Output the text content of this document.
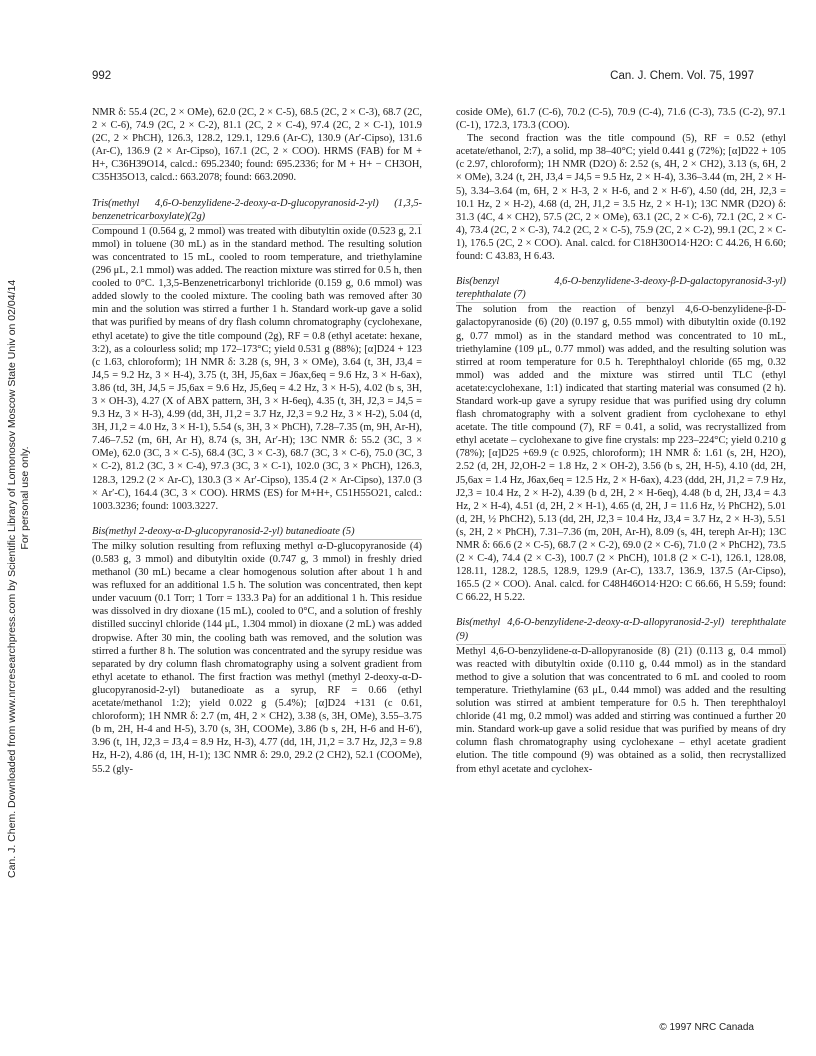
992	Can. J. Chem. Vol. 75, 1997
Can. J. Chem. Downloaded from www.nrcresearchpress.com by Scientific Library of Lomonosov Moscow State Univ on 02/04/14 For personal use only.

NMR δ: 55.4 (2C, 2 × OMe), 62.0 (2C, 2 × C-5), 68.5 (2C, 2 × C-3), 68.7 (2C, 2 × C-6), 74.9 (2C, 2 × C-2), 81.1 (2C, 2 × C-4), 97.4 (2C, 2 × C-1), 101.9 (2C, 2 × PhCH), 126.3, 128.2, 129.1, 129.6 (Ar-C), 130.9 (Ar′-Cipso), 131.6 (Ar-C), 136.9 (2 × Ar-Cipso), 167.1 (2C, 2 × COO). HRMS (FAB) for M + H+, C36H39O14, calcd.: 695.2340; found: 695.2336; for M + H+ − CH3OH, C35H35O13, calcd.: 663.2078; found: 663.2090.

Tris(methyl 4,6-O-benzylidene-2-deoxy-α-D-glucopyranosid-2-yl) (1,3,5-benzenetricarboxylate)(2g)

Compound 1 (0.564 g, 2 mmol) was treated with dibutyltin oxide (0.523 g, 2.1 mmol) in toluene (30 mL) as in the standard method. The resulting solution was concentrated to 15 mL, cooled to room temperature, and triethylamine (296 μL, 2.1 mmol) was added. The reaction mixture was stirred for 0.5 h, then cooled to 0°C. 1,3,5-Benzenetricarbonyl trichloride (0.159 g, 0.6 mmol) was added slowly to the cooled mixture. The cooling bath was removed after 30 min and the solution was stirred a further 1 h. Standard work-up gave a solid that was purified by means of dry flash column chromatography (cyclohexane, ethyl acetate) to give the title compound (2g), RF = 0.8 (ethyl acetate: hexane, 3:2), as a colourless solid; mp 172–173°C; yield 0.531 g (88%); [α]D24 + 123 (c 1.63, chloroform); 1H NMR δ: 3.28 (s, 9H, 3 × OMe), 3.64 (t, 3H, J3,4 = J4,5 = 9.2 Hz, 3 × H-4), 3.75 (t, 3H, J5,6ax = J6ax,6eq = 9.6 Hz, 3 × H-6ax), 3.86 (td, 3H, J4,5 = J5,6ax = 9.6 Hz, J5,6eq = 4.2 Hz, 3 × H-5), 4.02 (b s, 3H, 3 × OH-3), 4.27 (X of ABX pattern, 3H, 3 × H-6eq), 4.35 (t, 3H, J2,3 = J4,5 = 9.3 Hz, 3 × H-3), 4.99 (dd, 3H, J1,2 = 3.7 Hz, J2,3 = 9.2 Hz, 3 × H-2), 5.04 (d, 3H, J1,2 = 4.0 Hz, 3 × H-1), 5.54 (s, 3H, 3 × PhCH), 7.28–7.35 (m, 9H, Ar-H), 7.46–7.52 (m, 6H, Ar H), 8.74 (s, 3H, Ar′-H); 13C NMR δ: 55.2 (3C, 3 × OMe), 62.0 (3C, 3 × C-5), 68.4 (3C, 3 × C-3), 68.7 (3C, 3 × C-6), 75.0 (3C, 3 × C-2), 81.2 (3C, 3 × C-4), 97.3 (3C, 3 × C-1), 102.0 (3C, 3 × PhCH), 126.3, 128.3, 129.2 (2 × Ar-C), 130.3 (3 × Ar′-Cipso), 135.4 (2 × Ar-Cipso), 137.0 (3 × Ar′-C), 164.4 (3C, 3 × COO). HRMS (ES) for M+H+, C51H55O21, calcd.: 1003.3236; found: 1003.3227.

Bis(methyl 2-deoxy-α-D-glucopyranosid-2-yl) butanedioate (5)

The milky solution resulting from refluxing methyl α-D-glucopyranoside (4) (0.583 g, 3 mmol) and dibutyltin oxide (0.747 g, 3 mmol) in freshly dried methanol (30 mL) became a clear homogenous solution after about 1 h and was refluxed for an additional 1.5 h. The solution was concentrated, then kept under vacuum (0.1 Torr; 1 Torr = 133.3 Pa) for an additional 1 h. This residue was dissolved in dry dioxane (15 mL), cooled to 0°C, and a solution of freshly distilled succinyl chloride (144 μL, 1.304 mmol) in dioxane (2 mL) was added dropwise. After 30 min, the cooling bath was removed, and the solution was stirred a further 8 h. The solution was concentrated and the syrupy residue was separated by dry column flash chromatography using a solvent gradient from ethyl acetate to ethanol. The first fraction was methyl (methyl 2-deoxy-α-D-glucopyranosid-2-yl) butanedioate as a syrup, RF = 0.66 (ethyl acetate/methanol 1:2); yield 0.022 g (5.4%); [α]D24 +131 (c 0.61, chloroform); 1H NMR δ: 2.7 (m, 4H, 2 × CH2), 3.38 (s, 3H, OMe), 3.55–3.75 (b m, 2H, H-4 and H-5), 3.70 (s, 3H, COOMe), 3.86 (b s, 2H, H-6 and H-6′), 3.96 (t, 1H, J2,3 = J3,4 = 8.9 Hz, H-3), 4.77 (dd, 1H, J1,2 = 3.7 Hz, J2,3 = 9.8 Hz, H-2), 4.86 (d, 1H, H-1); 13C NMR δ: 29.0, 29.2 (2 CH2), 52.1 (COOMe), 55.2 (gly-

coside OMe), 61.7 (C-6), 70.2 (C-5), 70.9 (C-4), 71.6 (C-3), 73.5 (C-2), 97.1 (C-1), 172.3, 173.3 (COO).

The second fraction was the title compound (5), RF = 0.52 (ethyl acetate/ethanol, 2:7), a solid, mp 38–40°C; yield 0.441 g (72%); [α]D22 + 105 (c 2.97, chloroform); 1H NMR (D2O) δ: 2.52 (s, 4H, 2 × CH2), 3.13 (s, 6H, 2 × OMe), 3.24 (t, 2H, J3,4 = J4,5 = 9.5 Hz, 2 × H-4), 3.36–3.44 (m, 2H, 2 × H-5), 3.34–3.64 (m, 6H, 2 × H-3, 2 × H-6, and 2 × H-6′), 4.50 (dd, 2H, J2,3 = 10.1 Hz, 2 × H-2), 4.68 (d, 2H, J1,2 = 3.5 Hz, 2 × H-1); 13C NMR (D2O) δ: 31.3 (4C, 4 × CH2), 57.5 (2C, 2 × OMe), 63.1 (2C, 2 × C-6), 72.1 (2C, 2 × C-4), 73.4 (2C, 2 × C-3), 74.2 (2C, 2 × C-5), 75.9 (2C, 2 × C-2), 99.1 (2C, 2 × C-1), 176.5 (2C, 2 × COO). Anal. calcd. for C18H30O14·H2O: C 44.26, H 6.60; found: C 43.83, H 6.43.

Bis(benzyl 4,6-O-benzylidene-3-deoxy-β-D-galactopyranosid-3-yl) terephthalate (7)

The solution from the reaction of benzyl 4,6-O-benzylidene-β-D-galactopyranoside (6) (20) (0.197 g, 0.55 mmol) with dibutyltin oxide (0.192 g, 0.77 mmol) as in the standard method was concentrated to 10 mL, triethylamine (109 μL, 0.77 mmol) was added, and the resulting solution was stirred at room temperature for 0.5 h. Terephthaloyl chloride (65 mg, 0.32 mmol) was added and the mixture was stirred until TLC (ethyl acetate:cyclohexane, 1:1) indicated that starting material was consumed (2 h). Standard work-up gave a syrupy residue that was purified using dry column flash chromatography with a solvent gradient from cyclohexane to ethyl acetate. The title compound (7), RF = 0.41, a solid, was recrystallized from ethyl acetate – cyclohexane to give fine crystals: mp 223–224°C; yield 0.210 g (78%); [α]D25 +69.9 (c 0.925, chloroform); 1H NMR δ: 1.61 (s, 2H, H2O), 2.52 (d, 2H, J2,OH-2 = 1.8 Hz, 2 × OH-2), 3.56 (b s, 2H, H-5), 4.10 (dd, 2H, J5,6ax = 1.4 Hz, J6ax,6eq = 12.5 Hz, 2 × H-6ax), 4.23 (ddd, 2H, J1,2 = 7.9 Hz, J2,3 = 10.4 Hz, 2 × H-2), 4.39 (b d, 2H, 2 × H-6eq), 4.48 (b d, 2H, J3,4 = 4.3 Hz, 2 × H-4), 4.51 (d, 2H, 2 × H-1), 4.65 (d, 2H, J = 11.6 Hz, ½ PhCH2), 5.01 (d, 2H, ½ PhCH2), 5.13 (dd, 2H, J2,3 = 10.4 Hz, J3,4 = 3.7 Hz, 2 × H-3), 5.51 (s, 2H, 2 × PhCH), 7.31–7.36 (m, 20H, Ar-H), 8.09 (s, 4H, tereph Ar-H); 13C NMR δ: 66.6 (2 × C-5), 68.7 (2 × C-2), 69.0 (2 × C-6), 71.0 (2 × PhCH2), 73.5 (2 × C-4), 74.4 (2 × C-3), 100.7 (2 × PhCH), 101.8 (2 × C-1), 126.1, 128.08, 128.11, 128.2, 128.5, 128.9, 129.9 (Ar-C), 133.7, 136.9, 137.5 (Ar-Cipso), 165.5 (2 × COO). Anal. calcd. for C48H46O14·H2O: C 66.66, H 5.59; found: C 66.22, H 5.22.

Bis(methyl 4,6-O-benzylidene-2-deoxy-α-D-allopyranosid-2-yl) terephthalate (9)

Methyl 4,6-O-benzylidene-α-D-allopyranoside (8) (21) (0.113 g, 0.4 mmol) was reacted with dibutyltin oxide (0.110 g, 0.44 mmol) as in the standard method to give a solution that was concentrated to 6 mL and cooled to room temperature. Triethylamine (63 μL, 0.44 mmol) was added and the resulting solution was stirred at ambient temperature for 0.5 h. Then terephthaloyl chloride (41 mg, 0.2 mmol) was added and stirring was continued a further 20 min. Standard work-up gave a solid residue that was purified by means of dry column flash chromatography using cyclohexane – ethyl acetate gradient elution. The title compound (9) was obtained as a solid, then recrystallized from ethyl acetate and cyclohex-

© 1997 NRC Canada
